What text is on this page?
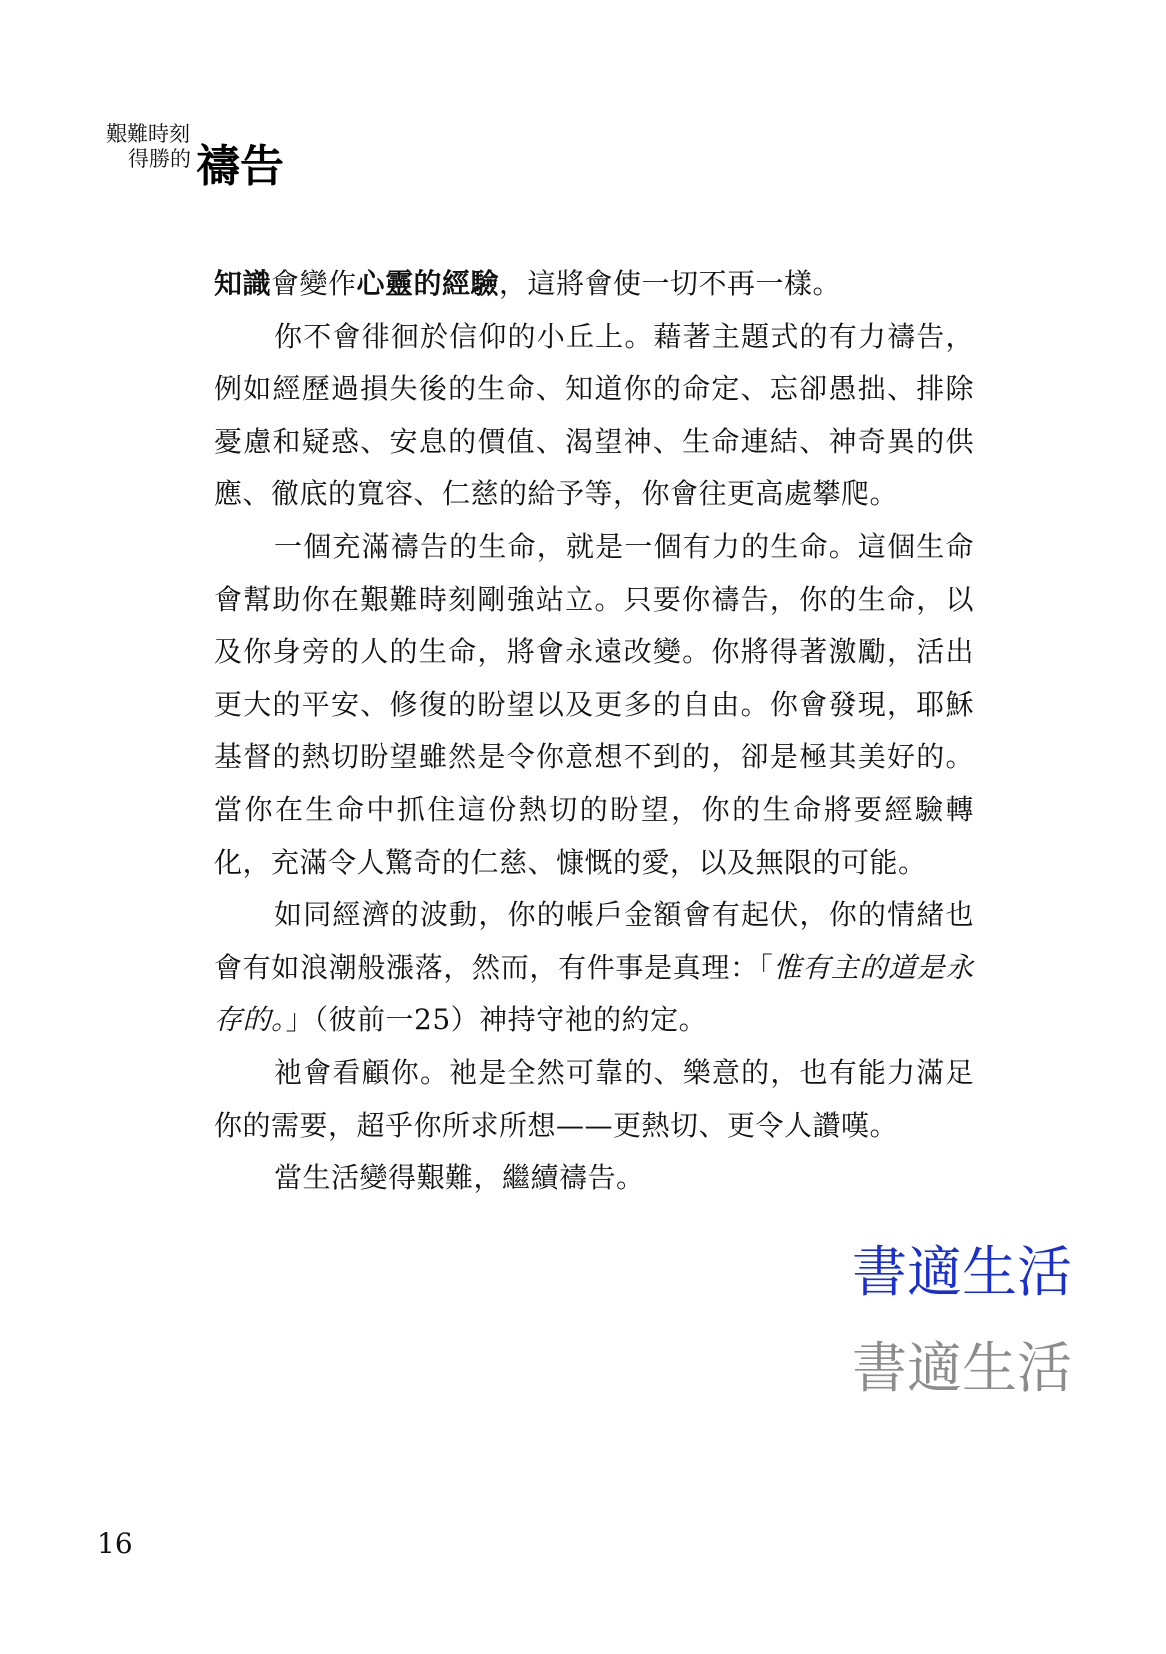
艱難時刻
得勝的 禱告

知識會變作心靈的經驗，這將會使一切不再一樣。

你不會徘徊於信仰的小丘上。藉著主題式的有力禱告，例如經歷過損失後的生命、知道你的命定、忘卻愚拙、排除憂慮和疑惑、安息的價值、渴望神、生命連結、神奇異的供應、徹底的寬容、仁慈的給予等，你會往更高處攀爬。

一個充滿禱告的生命，就是一個有力的生命。這個生命會幫助你在艱難時刻剛強站立。只要你禱告，你的生命，以及你身旁的人的生命，將會永遠改變。你將得著激勵，活出更大的平安、修復的盼望以及更多的自由。你會發現，耶穌基督的熱切盼望雖然是令你意想不到的，卻是極其美好的。當你在生命中抓住這份熱切的盼望，你的生命將要經驗轉化，充滿令人驚奇的仁慈、慷慨的愛，以及無限的可能。

如同經濟的波動，你的帳戶金額會有起伏，你的情緒也會有如浪潮般漲落，然而，有件事是真理：「惟有主的道是永存的。」（彼前一25）神持守祂的約定。

祂會看顧你。祂是全然可靠的、樂意的，也有能力滿足你的需要，超乎你所求所想——更熱切、更令人讚嘆。

當生活變得艱難，繼續禱告。

書適生活
書適生活
16
